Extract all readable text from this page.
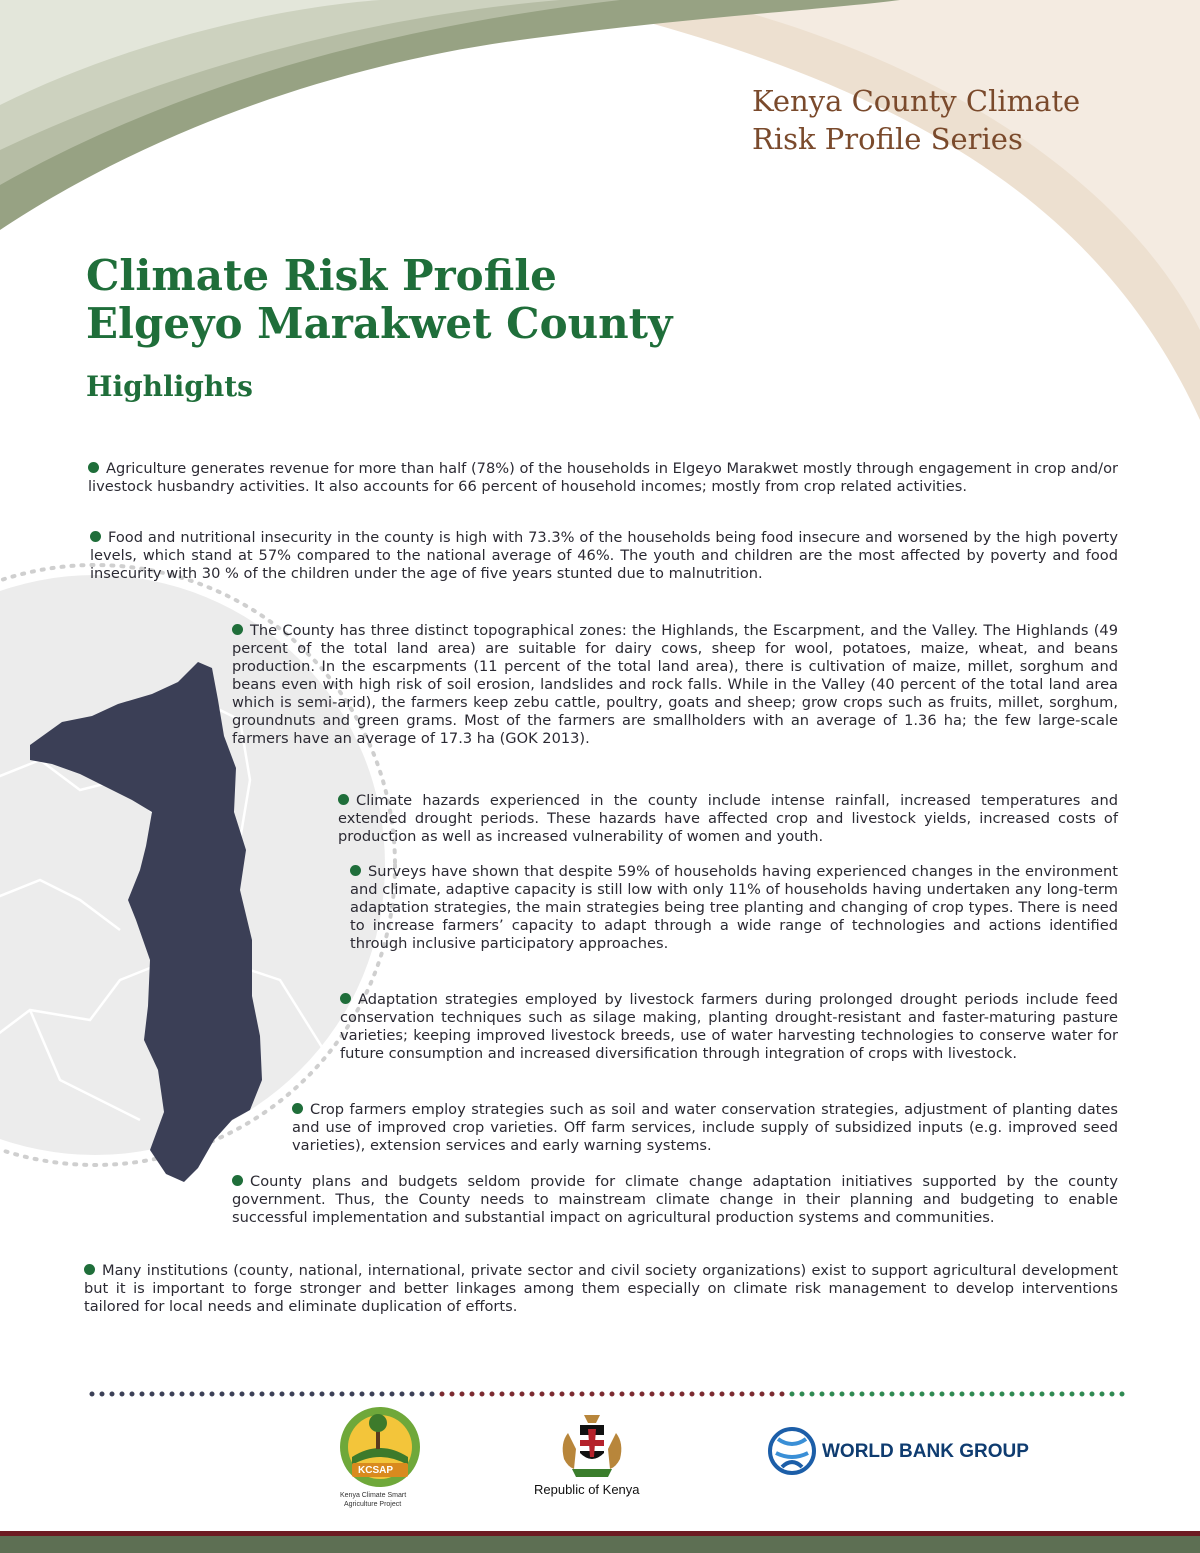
Kenya County Climate
Risk Profile Series
Climate Risk Profile
Elgeyo Marakwet County
Highlights

Agriculture generates revenue for more than half (78%) of the households in Elgeyo Marakwet mostly through engagement in crop and/or livestock husbandry activities. It also accounts for 66 percent of household incomes; mostly from crop related activities.

Food and nutritional insecurity in the county is high with 73.3% of the households being food insecure and worsened by the high poverty levels, which stand at 57% compared to the national average of 46%. The youth and children are the most affected by poverty and food insecurity with 30 % of the children under the age of five years stunted due to malnutrition.

The County has three distinct topographical zones: the Highlands, the Escarpment, and the Valley. The Highlands (49 percent of the total land area) are suitable for dairy cows, sheep for wool, potatoes, maize, wheat, and beans production. In the escarpments (11 percent of the total land area), there is cultivation of maize, millet, sorghum and beans even with high risk of soil erosion, landslides and rock falls. While in the Valley (40 percent of the total land area which is semi-arid), the farmers keep zebu cattle, poultry, goats and sheep; grow crops such as fruits, millet, sorghum, groundnuts and green grams. Most of the farmers are smallholders with an average of 1.36 ha; the few large-scale farmers have an average of 17.3 ha (GOK 2013).

Climate hazards experienced in the county include intense rainfall, increased temperatures and extended drought periods. These hazards have affected crop and livestock yields, increased costs of production as well as increased vulnerability of women and youth.

Surveys have shown that despite 59% of households having experienced changes in the environment and climate, adaptive capacity is still low with only 11% of households having undertaken any long-term adaptation strategies, the main strategies being tree planting and changing of crop types. There is need to increase farmers’ capacity to adapt through a wide range of technologies and actions identified through inclusive participatory approaches.

Adaptation strategies employed by livestock farmers during prolonged drought periods include feed conservation techniques such as silage making, planting drought-resistant and faster-maturing pasture varieties; keeping improved livestock breeds, use of water harvesting technologies to conserve water for future consumption and increased diversification through integration of crops with livestock.

Crop farmers employ strategies such as soil and water conservation strategies, adjustment of planting dates and use of improved crop varieties. Off farm services, include supply of subsidized inputs (e.g. improved seed varieties), extension services and early warning systems.

County plans and budgets seldom provide for climate change adaptation initiatives supported by the county government. Thus, the County needs to mainstream climate change in their planning and budgeting to enable successful implementation and substantial impact on agricultural production systems and communities.

Many institutions (county, national, international, private sector and civil society organizations) exist to support agricultural development but it is important to forge stronger and better linkages among them especially on climate risk management to develop interventions tailored for local needs and eliminate duplication of efforts.

KCSAP
Kenya Climate Smart
Agriculture Project
Republic of Kenya
WORLD BANK GROUP
